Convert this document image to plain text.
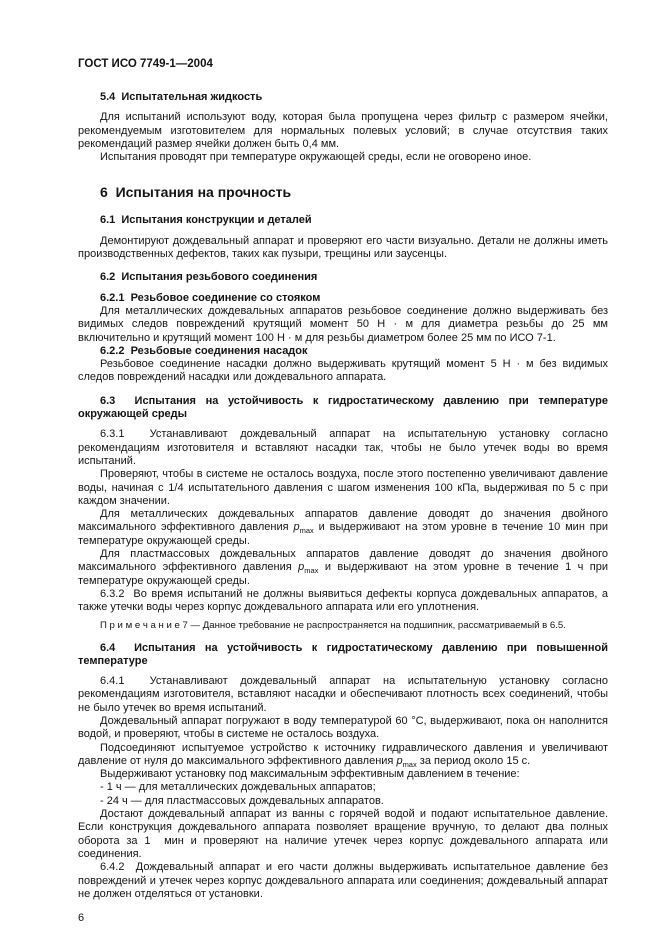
ГОСТ ИСО 7749-1—2004
5.4  Испытательная жидкость

Для испытаний используют воду, которая была пропущена через фильтр с размером ячейки, рекомендуемым изготовителем для нормальных полевых условий; в случае отсутствия таких рекомендаций размер ячейки должен быть 0,4 мм.

Испытания проводят при температуре окружающей среды, если не оговорено иное.

6  Испытания на прочность
6.1  Испытания конструкции и деталей

Демонтируют дождевальный аппарат и проверяют его части визуально. Детали не должны иметь производственных дефектов, таких как пузыри, трещины или заусенцы.

6.2  Испытания резьбового соединения
6.2.1  Резьбовое соединение со стояком

Для металлических дождевальных аппаратов резьбовое соединение должно выдерживать без видимых следов повреждений крутящий момент 50 Н · м для диаметра резьбы до 25 мм включительно и крутящий момент 100 Н · м для резьбы диаметром более 25 мм по ИСО 7-1.

6.2.2  Резьбовые соединения насадок

Резьбовое соединение насадки должно выдерживать крутящий момент 5 Н · м без видимых следов повреждений насадки или дождевального аппарата.

6.3  Испытания на устойчивость к гидростатическому давлению при температуре окружающей среды

6.3.1  Устанавливают дождевальный аппарат на испытательную установку согласно рекомендациям изготовителя и вставляют насадки так, чтобы не было утечек воды во время испытаний.

Проверяют, чтобы в системе не осталось воздуха, после этого постепенно увеличивают давление воды, начиная с 1/4 испытательного давления с шагом изменения 100 кПа, выдерживая по 5 с при каждом значении.

Для металлических дождевальных аппаратов давление доводят до значения двойного максимального эффективного давления $p_{max}$ и выдерживают на этом уровне в течение 10 мин при температуре окружающей среды.

Для пластмассовых дождевальных аппаратов давление доводят до значения двойного максимального эффективного давления $p_{max}$ и выдерживают на этом уровне в течение 1 ч при температуре окружающей среды.

6.3.2  Во время испытаний не должны выявиться дефекты корпуса дождевальных аппаратов, а также утечки воды через корпус дождевального аппарата или его уплотнения.

П р и м е ч а н и е 7 — Данное требование не распространяется на подшипник, рассматриваемый в 6.5.

6.4  Испытания на устойчивость к гидростатическому давлению при повышенной температуре

6.4.1  Устанавливают дождевальный аппарат на испытательную установку согласно рекомендациям изготовителя, вставляют насадки и обеспечивают плотность всех соединений, чтобы не было утечек во время испытаний.

Дождевальный аппарат погружают в воду температурой 60 °С, выдерживают, пока он наполнится водой, и проверяют, чтобы в системе не осталось воздуха.

Подсоединяют испытуемое устройство к источнику гидравлического давления и увеличивают давление от нуля до максимального эффективного давления $p_{max}$ за период около 15 с.

Выдерживают установку под максимальным эффективным давлением в течение:

- 1 ч — для металлических дождевальных аппаратов;

- 24 ч — для пластмассовых дождевальных аппаратов.

Достают дождевальный аппарат из ванны с горячей водой и подают испытательное давление. Если конструкция дождевального аппарата позволяет вращение вручную, то делают два полных оборота за 1  мин и проверяют на наличие утечек через корпус дождевального аппарата или соединения.

6.4.2  Дождевальный аппарат и его части должны выдерживать испытательное давление без повреждений и утечек через корпус дождевального аппарата или соединения; дождевальный аппарат не должен отделяться от установки.

6
